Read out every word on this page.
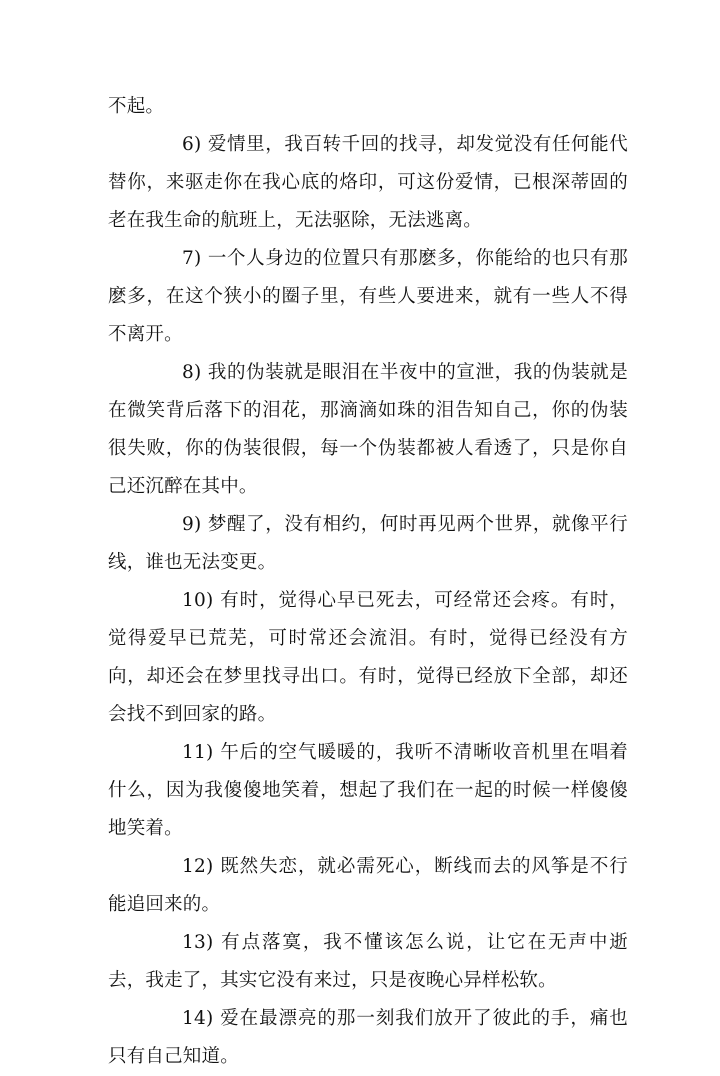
不起。

6) 爱情里，我百转千回的找寻，却发觉没有任何能代替你，来驱走你在我心底的烙印，可这份爱情，已根深蒂固的老在我生命的航班上，无法驱除，无法逃离。

7) 一个人身边的位置只有那麽多，你能给的也只有那麽多，在这个狭小的圈子里，有些人要进来，就有一些人不得不离开。

8) 我的伪装就是眼泪在半夜中的宣泄，我的伪装就是在微笑背后落下的泪花，那滴滴如珠的泪告知自己，你的伪装很失败，你的伪装很假，每一个伪装都被人看透了，只是你自己还沉醉在其中。

9) 梦醒了，没有相约，何时再见两个世界，就像平行线，谁也无法变更。

10) 有时，觉得心早已死去，可经常还会疼。有时，觉得爱早已荒芜，可时常还会流泪。有时，觉得已经没有方向，却还会在梦里找寻出口。有时，觉得已经放下全部，却还会找不到回家的路。

11) 午后的空气暖暖的，我听不清晰收音机里在唱着什么，因为我傻傻地笑着，想起了我们在一起的时候一样傻傻地笑着。

12) 既然失恋，就必需死心，断线而去的风筝是不行能追回来的。

13) 有点落寞，我不懂该怎么说，让它在无声中逝去，我走了，其实它没有来过，只是夜晚心异样松软。

14) 爱在最漂亮的那一刻我们放开了彼此的手，痛也只有自己知道。
